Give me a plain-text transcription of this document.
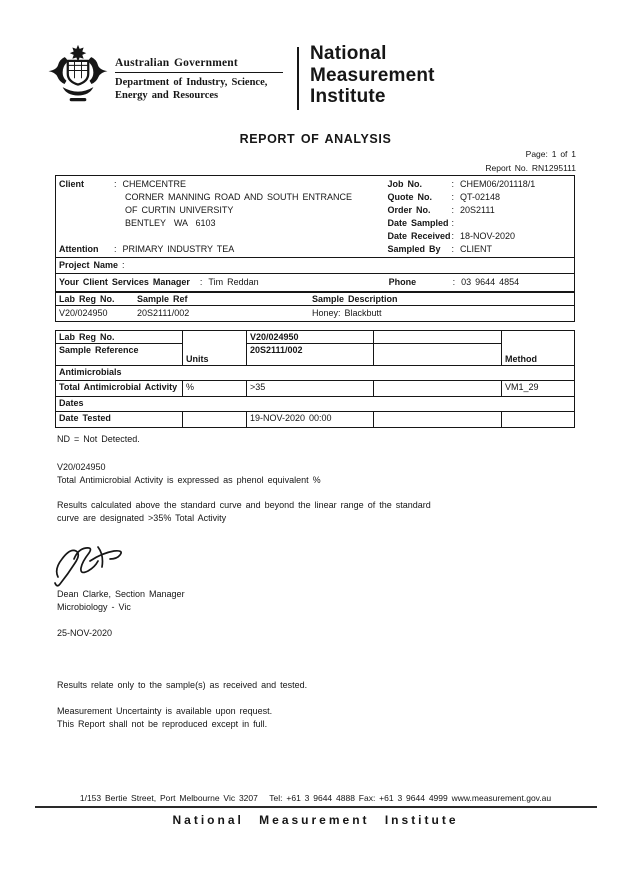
Australian Government
Department of Industry, Science,
Energy and Resources
National
Measurement
Institute
REPORT OF ANALYSIS
Page: 1 of 1
Report No. RN1295111
Client	: CHEMCENTRE
CORNER MANNING ROAD AND SOUTH ENTRANCE
OF CURTIN UNIVERSITY
BENTLEY  WA  6103
Attention : PRIMARY INDUSTRY TEA
Job No.	: CHEM06/201118/1
Quote No. : QT-02148
Order No. : 20S2111
Date Sampled :
Date Received: 18-NOV-2020
Sampled By : CLIENT
Project Name :
Your Client Services Manager : Tim Reddan	Phone	: 03 9644 4854
Lab Reg No.	Sample Ref	Sample Description
V20/024950	20S2111/002	Honey: Blackbutt
Lab Reg No.	Units	V20/024950		Method
Sample Reference		20S2111/002		
Antimicrobials				
Total Antimicrobial Activity	%	>35		VM1_29
Dates				
Date Tested		19-NOV-2020 00:00		
ND = Not Detected.
V20/024950
Total Antimicrobial Activity is expressed as phenol equivalent %
Results calculated above the standard curve and beyond the linear range of the standard
curve are designated >35% Total Activity
Dean Clarke, Section Manager
Microbiology - Vic
25-NOV-2020
Results relate only to the sample(s) as received and tested.
Measurement Uncertainty is available upon request.
This Report shall not be reproduced except in full.
1/153 Bertie Street, Port Melbourne Vic 3207   Tel: +61 3 9644 4888 Fax: +61 3 9644 4999 www.measurement.gov.au
National Measurement Institute
